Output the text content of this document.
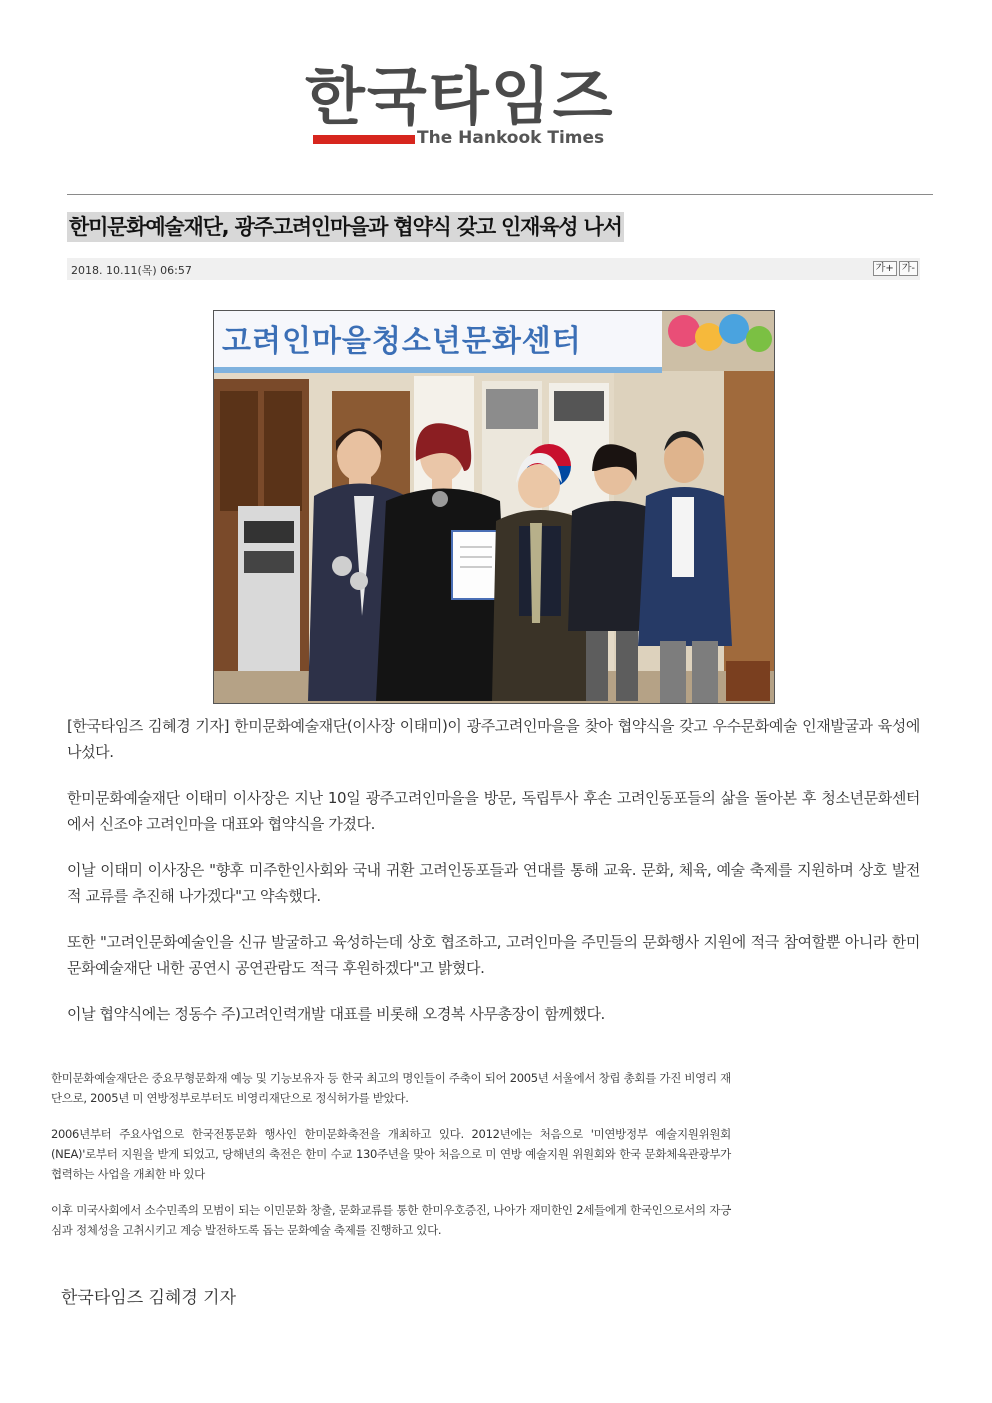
한국타임즈
The Hankook Times
한미문화예술재단, 광주고려인마을과 협약식 갖고 인재육성 나서
2018. 10.11(목) 06:57	가+ 가-
고려인마을청소년문화센터

[한국타임즈 김혜경 기자] 한미문화예술재단(이사장 이태미)이 광주고려인마을을 찾아 협약식을 갖고 우수문화예술 인재발굴과 육성에 나섰다.

한미문화예술재단 이태미 이사장은 지난 10일 광주고려인마을을 방문, 독립투사 후손 고려인동포들의 삶을 돌아본 후 청소년문화센터에서 신조야 고려인마을 대표와 협약식을 가졌다.

이날 이태미 이사장은 "향후 미주한인사회와 국내 귀환 고려인동포들과 연대를 통해 교육. 문화, 체육, 예술 축제를 지원하며 상호 발전적 교류를 추진해 나가겠다"고 약속했다.

또한 "고려인문화예술인을 신규 발굴하고 육성하는데 상호 협조하고, 고려인마을 주민들의 문화행사 지원에 적극 참여할뿐 아니라 한미문화예술재단 내한 공연시 공연관람도 적극 후원하겠다"고 밝혔다.

이날 협약식에는 정동수 주)고려인력개발 대표를 비롯해 오경복 사무총장이 함께했다.

한미문화예술재단은 중요무형문화재 예능 및 기능보유자 등 한국 최고의 명인들이 주축이 되어 2005년 서울에서 창립 총회를 가진 비영리 재단으로, 2005년 미 연방정부로부터도 비영리재단으로 정식허가를 받았다.

2006년부터 주요사업으로 한국전통문화 행사인 한미문화축전을 개최하고 있다. 2012년에는 처음으로 '미연방정부 예술지원위원회(NEA)'로부터 지원을 받게 되었고, 당해년의 축전은 한미 수교 130주년을 맞아 처음으로 미 연방 예술지원 위원회와 한국 문화체육관광부가 협력하는 사업을 개최한 바 있다

이후 미국사회에서 소수민족의 모범이 되는 이민문화 창출, 문화교류를 통한 한미우호증진, 나아가 재미한인 2세들에게 한국인으로서의 자긍심과 정체성을 고취시키고 계승 발전하도록 돕는 문화예술 축제를 진행하고 있다.

한국타임즈 김혜경 기자
